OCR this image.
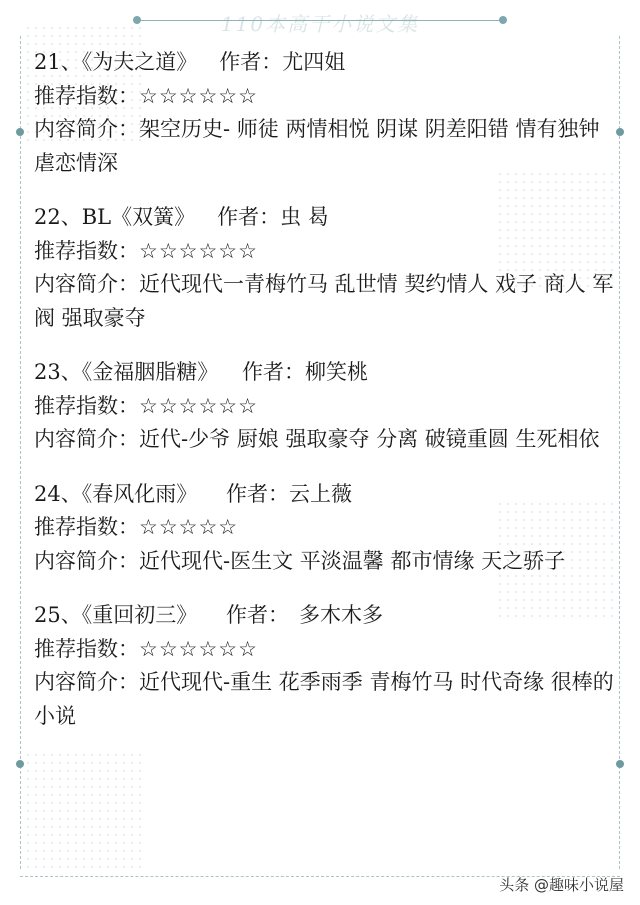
110本高干小说文集
21、《为夫之道》 作者：尤四姐
推荐指数：☆☆☆☆☆☆
内容简介：架空历史- 师徒 两情相悦 阴谋 阴差阳错 情有独钟 虐恋情深
22、BL《双簧》 作者：虫 曷
推荐指数：☆☆☆☆☆☆
内容简介：近代现代一青梅竹马 乱世情 契约情人 戏子 商人 军阀 强取豪夺
23、《金福胭脂糖》 作者：柳笑桃
推荐指数：☆☆☆☆☆☆
内容简介：近代-少爷 厨娘 强取豪夺 分离 破镜重圆 生死相依
24、《春风化雨》 作者：云上薇
推荐指数：☆☆☆☆☆
内容简介：近代现代-医生文 平淡温馨 都市情缘 天之骄子
25、《重回初三》 作者： 多木木多
推荐指数：☆☆☆☆☆☆
内容简介：近代现代-重生 花季雨季 青梅竹马 时代奇缘 很棒的小说
头条 @趣味小说屋
